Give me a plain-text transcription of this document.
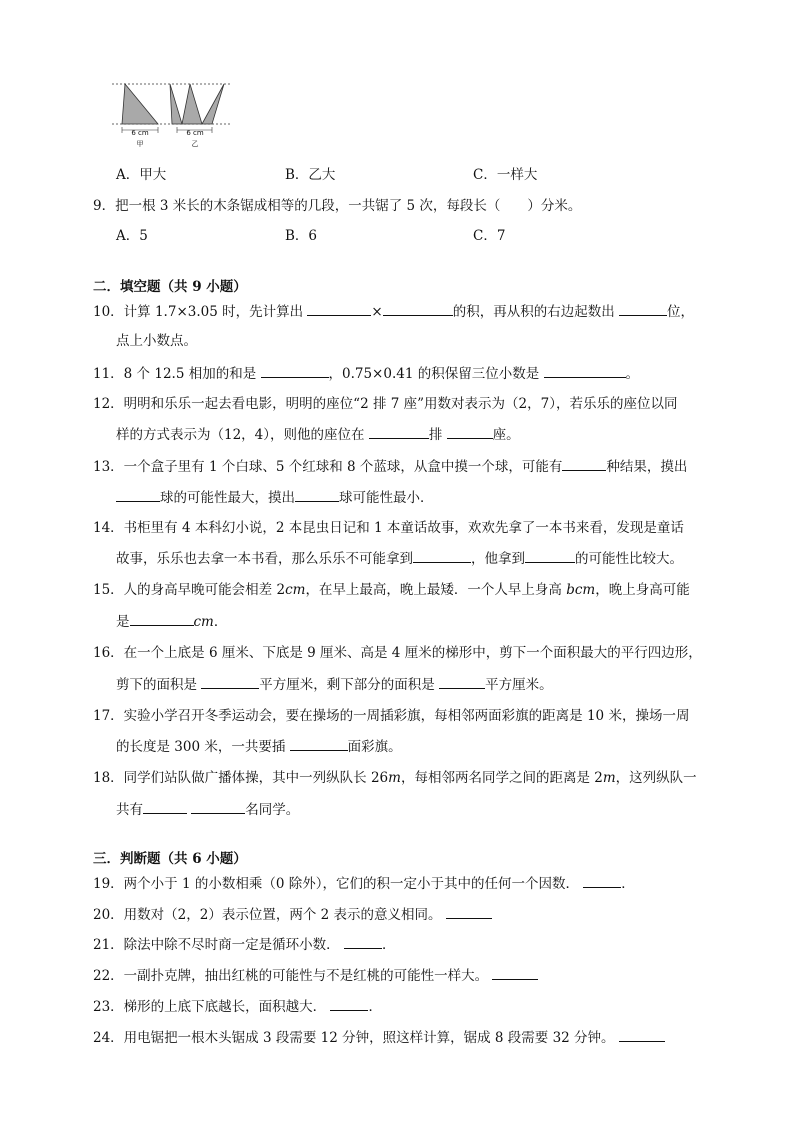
6 cm
甲
6 cm
乙
A．甲大	B．乙大	C．一样大
9．把一根 3 米长的木条锯成相等的几段，一共锯了 5 次，每段长（　　）分米。
A．5	B．6	C．7
二．填空题（共 9 小题）
10．计算 1.7×3.05 时，先计算出	×	的积，再从积的右边起数出	位，
点上小数点。
11．8 个 12.5 相加的和是	，0.75×0.41 的积保留三位小数是	。
12．明明和乐乐一起去看电影，明明的座位“2 排 7 座”用数对表示为（2，7），若乐乐的座位以同
样的方式表示为（12，4），则他的座位在	排	座。
13．一个盒子里有 1 个白球、5 个红球和 8 个蓝球，从盒中摸一个球，可能有	种结果，摸出
球的可能性最大，摸出	球可能性最小．
14．书柜里有 4 本科幻小说，2 本昆虫日记和 1 本童话故事，欢欢先拿了一本书来看，发现是童话
故事，乐乐也去拿一本书看，那么乐乐不可能拿到	，他拿到	的可能性比较大。
15．人的身高早晚可能会相差 2cm，在早上最高，晚上最矮．一个人早上身高 bcm，晚上身高可能
是	cm．
16．在一个上底是 6 厘米、下底是 9 厘米、高是 4 厘米的梯形中，剪下一个面积最大的平行四边形，
剪下的面积是	平方厘米，剩下部分的面积是	平方厘米。
17．实验小学召开冬季运动会，要在操场的一周插彩旗，每相邻两面彩旗的距离是 10 米，操场一周
的长度是 300 米，一共要插	面彩旗。
18．同学们站队做广播体操，其中一列纵队长 26m，每相邻两名同学之间的距离是 2m，这列纵队一
共有	名同学。
三．判断题（共 6 小题）
19．两个小于 1 的小数相乘（0 除外），它们的积一定小于其中的任何一个因数．	．
20．用数对（2，2）表示位置，两个 2 表示的意义相同。
21．除法中除不尽时商一定是循环小数．	．
22．一副扑克牌，抽出红桃的可能性与不是红桃的可能性一样大。
23．梯形的上底下底越长，面积越大．	．
24．用电锯把一根木头锯成 3 段需要 12 分钟，照这样计算，锯成 8 段需要 32 分钟。
